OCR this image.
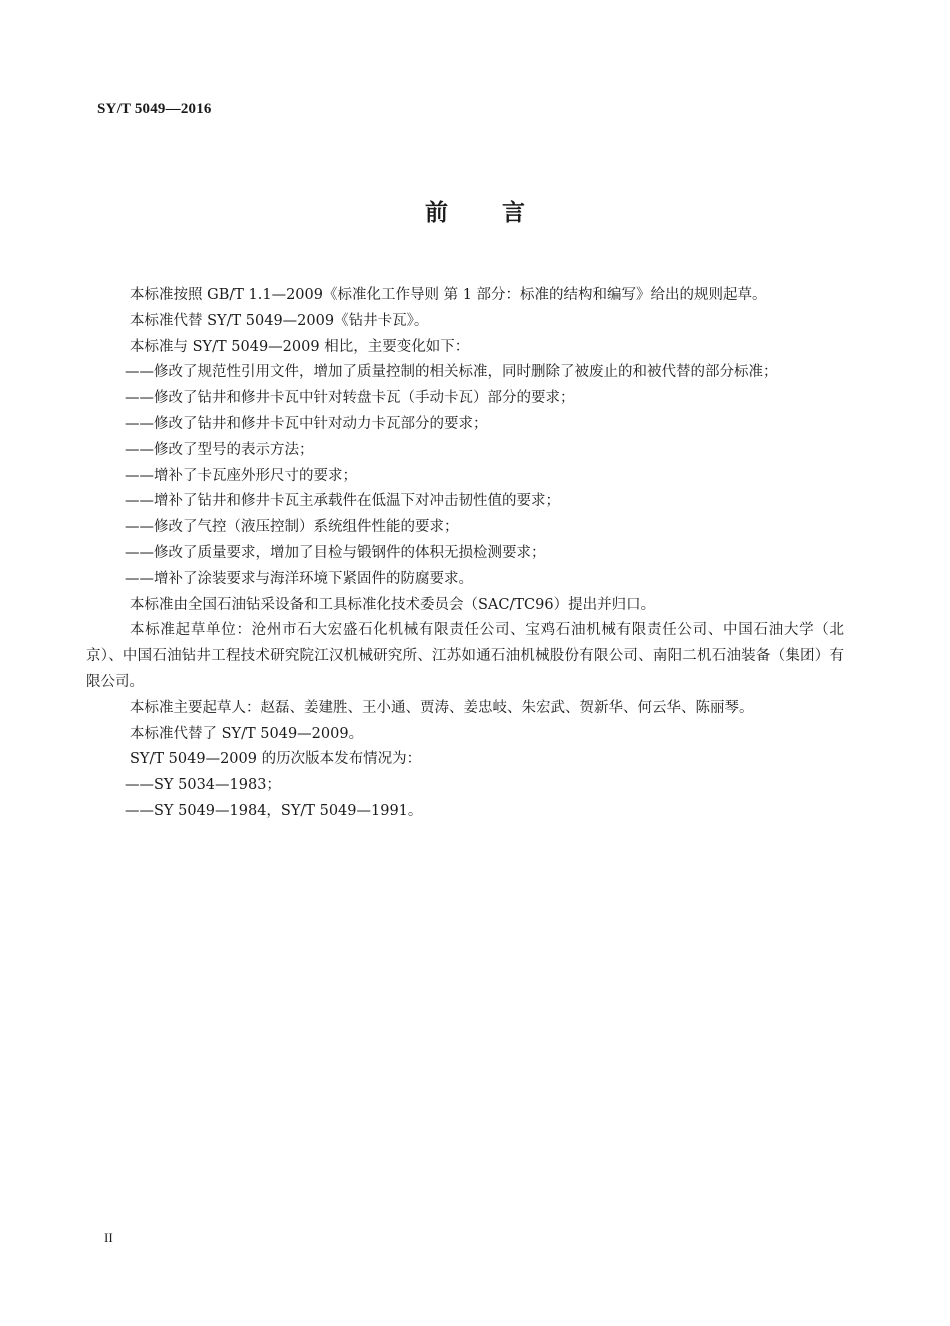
SY/T 5049—2016
前言

本标准按照 GB/T 1.1—2009《标准化工作导则 第 1 部分：标准的结构和编写》给出的规则起草。

本标准代替 SY/T 5049—2009《钻井卡瓦》。

本标准与 SY/T 5049—2009 相比，主要变化如下：

——修改了规范性引用文件，增加了质量控制的相关标准，同时删除了被废止的和被代替的部分标准；

——修改了钻井和修井卡瓦中针对转盘卡瓦（手动卡瓦）部分的要求；

——修改了钻井和修井卡瓦中针对动力卡瓦部分的要求；

——修改了型号的表示方法；

——增补了卡瓦座外形尺寸的要求；

——增补了钻井和修井卡瓦主承载件在低温下对冲击韧性值的要求；

——修改了气控（液压控制）系统组件性能的要求；

——修改了质量要求，增加了目检与锻钢件的体积无损检测要求；

——增补了涂装要求与海洋环境下紧固件的防腐要求。

本标准由全国石油钻采设备和工具标准化技术委员会（SAC/TC96）提出并归口。

本标准起草单位：沧州市石大宏盛石化机械有限责任公司、宝鸡石油机械有限责任公司、中国石油大学（北京）、中国石油钻井工程技术研究院江汉机械研究所、江苏如通石油机械股份有限公司、南阳二机石油装备（集团）有限公司。

本标准主要起草人：赵磊、姜建胜、王小通、贾涛、姜忠岐、朱宏武、贺新华、何云华、陈丽琴。

本标准代替了 SY/T 5049—2009。

SY/T 5049—2009 的历次版本发布情况为：

——SY 5034—1983；

——SY 5049—1984，SY/T 5049—1991。

II
